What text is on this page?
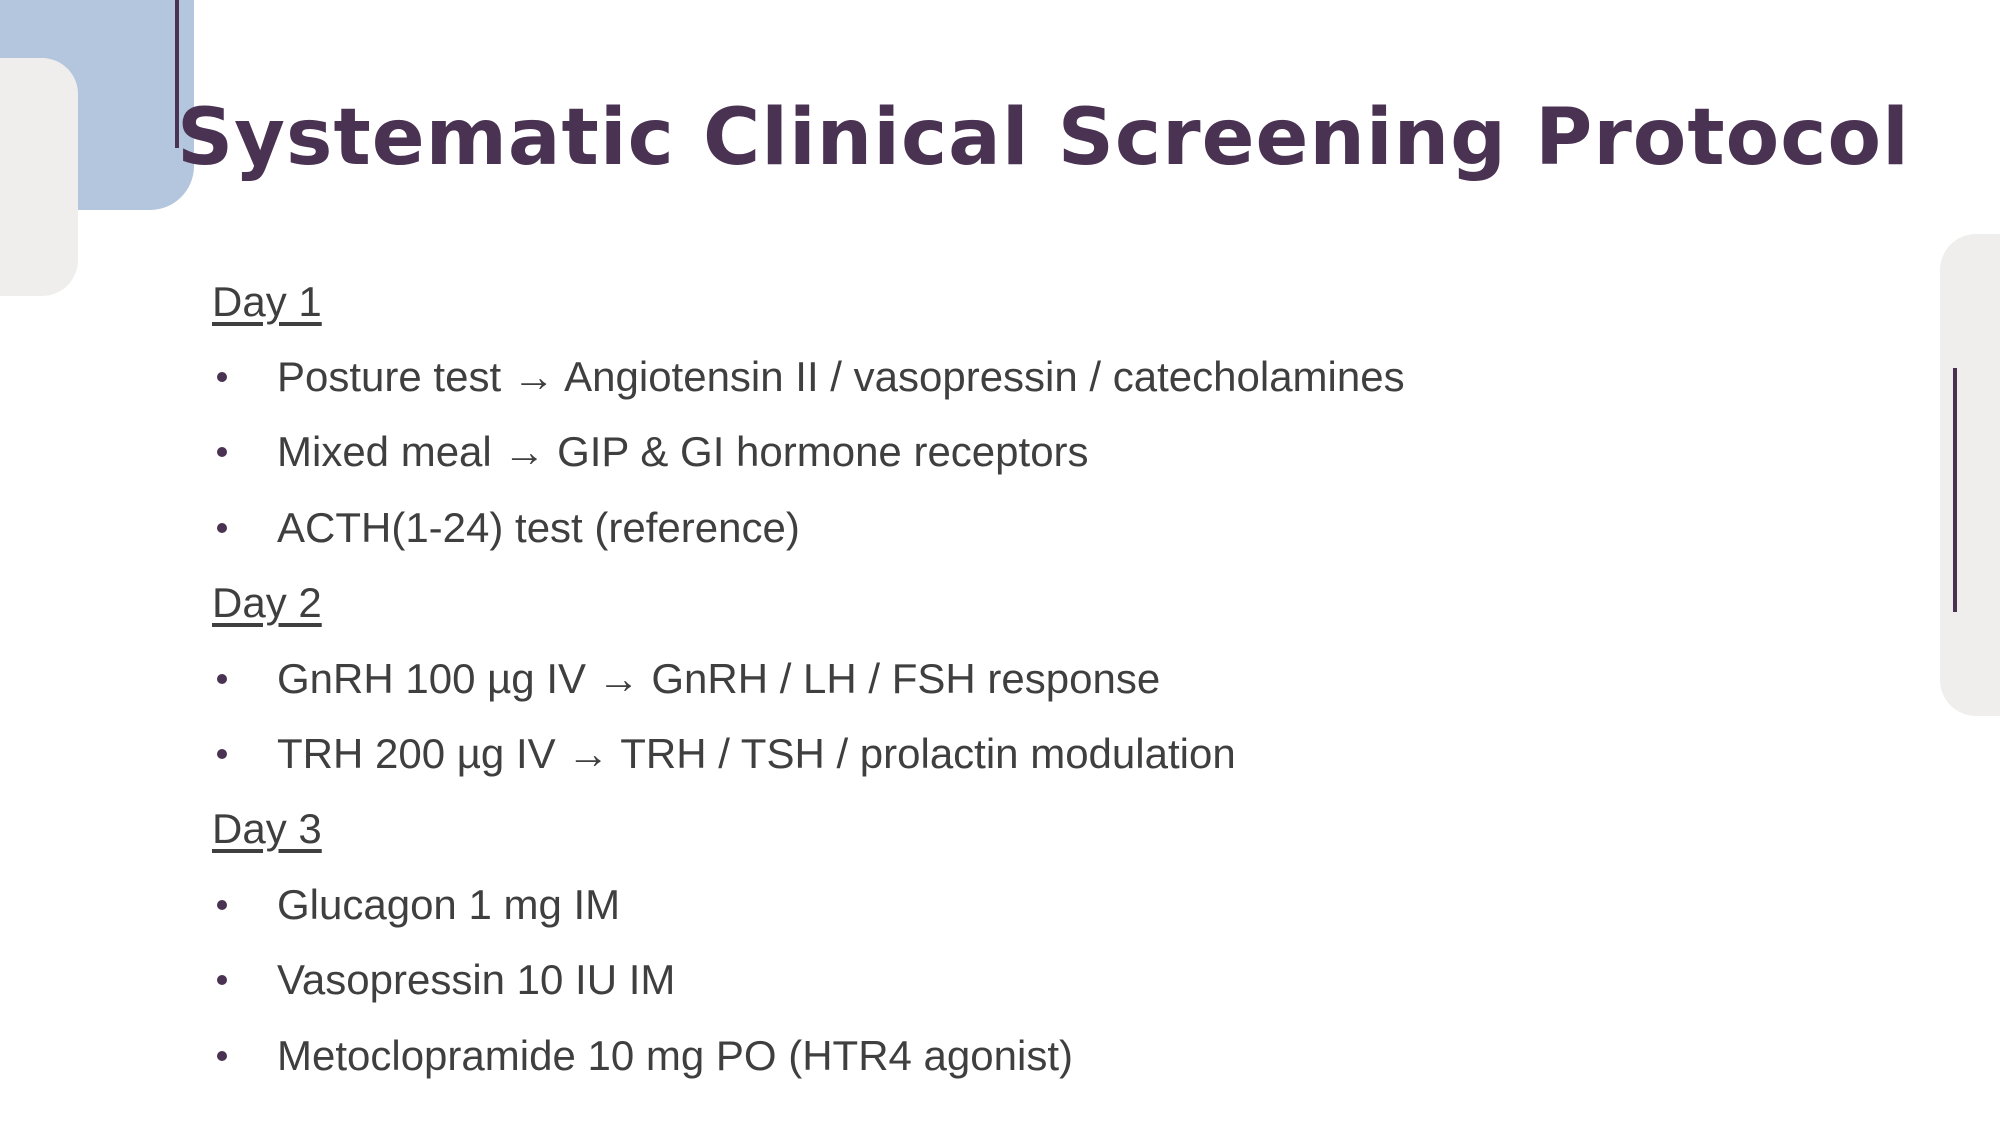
Systematic Clinical Screening Protocol
Day 1
Posture test → Angiotensin II / vasopressin / catecholamines
Mixed meal → GIP & GI hormone receptors
ACTH(1-24) test (reference)
Day 2
GnRH 100 µg IV → GnRH / LH / FSH response
TRH 200 µg IV → TRH / TSH / prolactin modulation
Day 3
Glucagon 1 mg IM
Vasopressin 10 IU IM
Metoclopramide 10 mg PO (HTR4 agonist)
